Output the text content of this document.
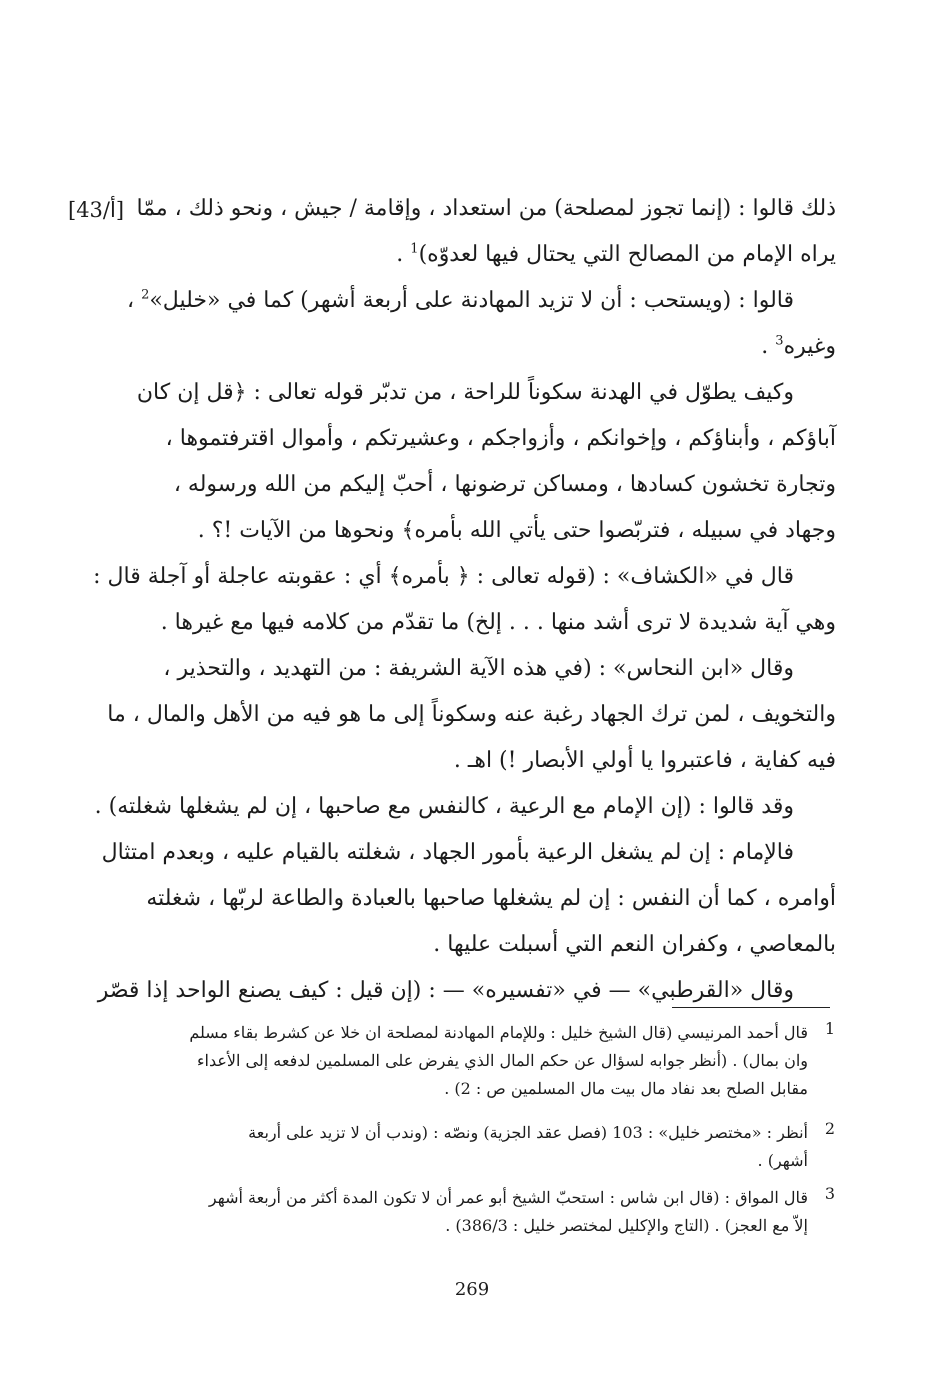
[43/أ] ذلك قالوا : (إنما تجوز لمصلحة) من استعداد ، وإقامة / جيش ، ونحو ذلك ، ممّا
يراه الإمام من المصالح التي يحتال فيها لعدوّه)$^1$ .

قالوا : (ويستحب : أن لا تزيد المهادنة على أربعة أشهر) كما في «خليل»$^2$ ،

وغيره$^3$ .

وكيف يطوّل في الهدنة سكوناً للراحة ، من تدبّر قوله تعالى : ﴿قل إن كان
آباؤكم ، وأبناؤكم ، وإخوانكم ، وأزواجكم ، وعشيرتكم ، وأموال اقترفتموها ،
وتجارة تخشون كسادها ، ومساكن ترضونها ، أحبّ إليكم من الله ورسوله ،
وجهاد في سبيله ، فتربّصوا حتى يأتي الله بأمره﴾ ونحوها من الآيات !؟ .

قال في «الكشاف» : (قوله تعالى : ﴿ بأمره﴾ أي : عقوبته عاجلة أو آجلة قال :
وهي آية شديدة لا ترى أشد منها . . . إلخ) ما تقدّم من كلامه فيها مع غيرها .

وقال «ابن النحاس» : (في هذه الآية الشريفة : من التهديد ، والتحذير ،
والتخويف ، لمن ترك الجهاد رغبة عنه وسكوناً إلى ما هو فيه من الأهل والمال ، ما
فيه كفاية ، فاعتبروا يا أولي الأبصار !) اهـ .

وقد قالوا : (إن الإمام مع الرعية ، كالنفس مع صاحبها ، إن لم يشغلها شغلته) .

فالإمام : إن لم يشغل الرعية بأمور الجهاد ، شغلته بالقيام عليه ، وبعدم امتثال
أوامره ، كما أن النفس : إن لم يشغلها صاحبها بالعبادة والطاعة لربّها ، شغلته
بالمعاصي ، وكفران النعم التي أسبلت عليها .

وقال «القرطبي» — في «تفسيره» — : (إن قيل : كيف يصنع الواحد إذا قصّر

1
قال أحمد المرنيسي (قال الشيخ خليل : وللإمام المهادنة لمصلحة ان خلا عن كشرط بقاء مسلم
وان بمال) . (أنظر جوابه لسؤال عن حكم المال الذي يفرض على المسلمين لدفعه إلى الأعداء
مقابل الصلح بعد نفاد مال بيت مال المسلمين ص : 2) .
2
أنظر : «مختصر خليل» : 103 (فصل عقد الجزية) ونصّه : (وندب أن لا تزيد على أربعة
أشهر) .
3
قال المواق : (قال ابن شاس : استحبّ الشيخ أبو عمر أن لا تكون المدة أكثر من أربعة أشهر
إلاّ مع العجز) . (التاج والإكليل لمختصر خليل : 386/3) .
269
